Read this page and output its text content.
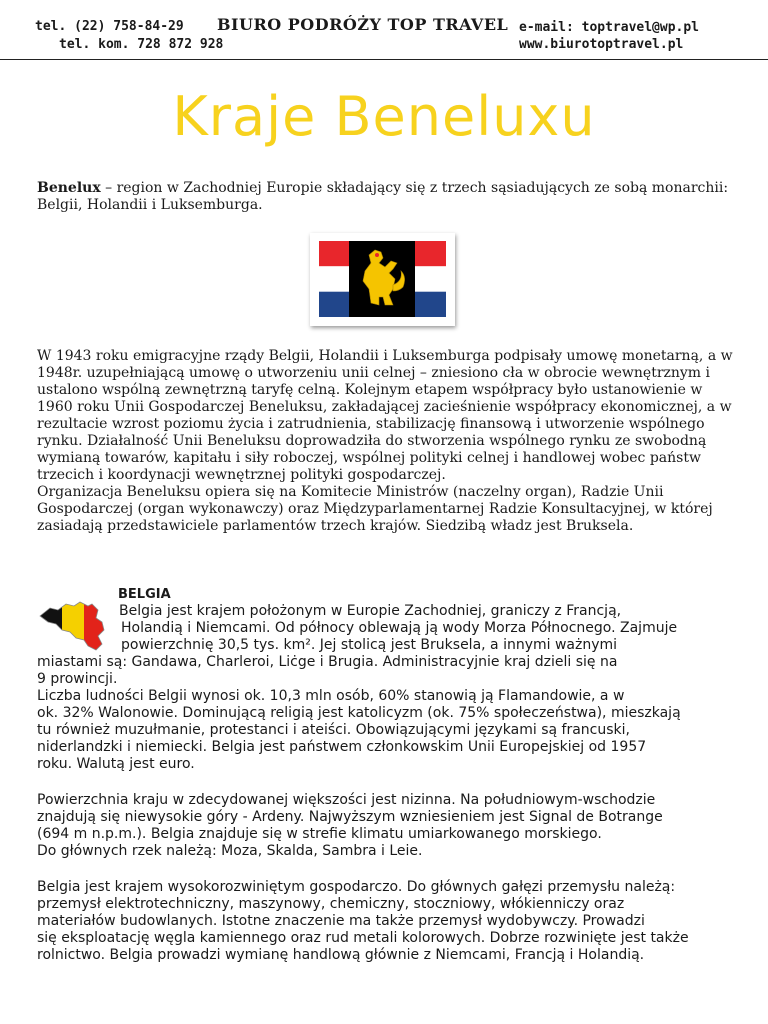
tel. (22) 758-84-29
tel. kom. 728 872 928
BIURO PODRÓŻY TOP TRAVEL e-mail: toptravel@wp.pl
www.biurotoptravel.pl
Kraje Beneluxu
Benelux – region w Zachodniej Europie składający się z trzech sąsiadujących ze sobą monarchii: Belgii, Holandii i Luksemburga.
W 1943 roku emigracyjne rządy Belgii, Holandii i Luksemburga podpisały umowę monetarną, a w 1948r. uzupełniającą umowę o utworzeniu unii celnej – zniesiono cła w obrocie wewnętrznym i ustalono wspólną zewnętrzną taryfę celną. Kolejnym etapem współpracy było ustanowienie w 1960 roku Unii Gospodarczej Beneluksu, zakładającej zacieśnienie współpracy ekonomicznej, a w rezultacie wzrost poziomu życia i zatrudnienia, stabilizację finansową i utworzenie wspólnego rynku. Działalność Unii Beneluksu doprowadziła do stworzenia wspólnego rynku ze swobodną wymianą towarów, kapitału i siły roboczej, wspólnej polityki celnej i handlowej wobec państw trzecich i koordynacji wewnętrznej polityki gospodarczej.
Organizacja Beneluksu opiera się na Komitecie Ministrów (naczelny organ), Radzie Unii Gospodarczej (organ wykonawczy) oraz Międzyparlamentarnej Radzie Konsultacyjnej, w której zasiadają przedstawiciele parlamentów trzech krajów. Siedzibą władz jest Bruksela.
BELGIA
Belgia jest krajem położonym w Europie Zachodniej, graniczy z Francją,
Holandią i Niemcami. Od północy oblewają ją wody Morza Północnego. Zajmuje
powierzchnię 30,5 tys. km². Jej stolicą jest Bruksela, a innymi ważnymi
miastami są: Gandawa, Charleroi, Liċge i Brugia. Administracyjnie kraj dzieli się na
9 prowincji.
Liczba ludności Belgii wynosi ok. 10,3 mln osób, 60% stanowią ją Flamandowie, a w
ok. 32% Walonowie. Dominującą religią jest katolicyzm (ok. 75% społeczeństwa), mieszkają
tu również muzułmanie, protestanci i ateiści. Obowiązującymi językami są francuski,
niderlandzki i niemiecki. Belgia jest państwem członkowskim Unii Europejskiej od 1957
roku. Walutą jest euro.
Powierzchnia kraju w zdecydowanej większości jest nizinna. Na południowym-wschodzie
znajdują się niewysokie góry - Ardeny. Najwyższym wzniesieniem jest Signal de Botrange
(694 m n.p.m.). Belgia znajduje się w strefie klimatu umiarkowanego morskiego.
Do głównych rzek należą: Moza, Skalda, Sambra i Leie.
Belgia jest krajem wysokorozwiniętym gospodarczo. Do głównych gałęzi przemysłu należą:
przemysł elektrotechniczny, maszynowy, chemiczny, stoczniowy, włókienniczy oraz
materiałów budowlanych. Istotne znaczenie ma także przemysł wydobywczy. Prowadzi
się eksploatację węgla kamiennego oraz rud metali kolorowych. Dobrze rozwinięte jest także
rolnictwo. Belgia prowadzi wymianę handlową głównie z Niemcami, Francją i Holandią.
